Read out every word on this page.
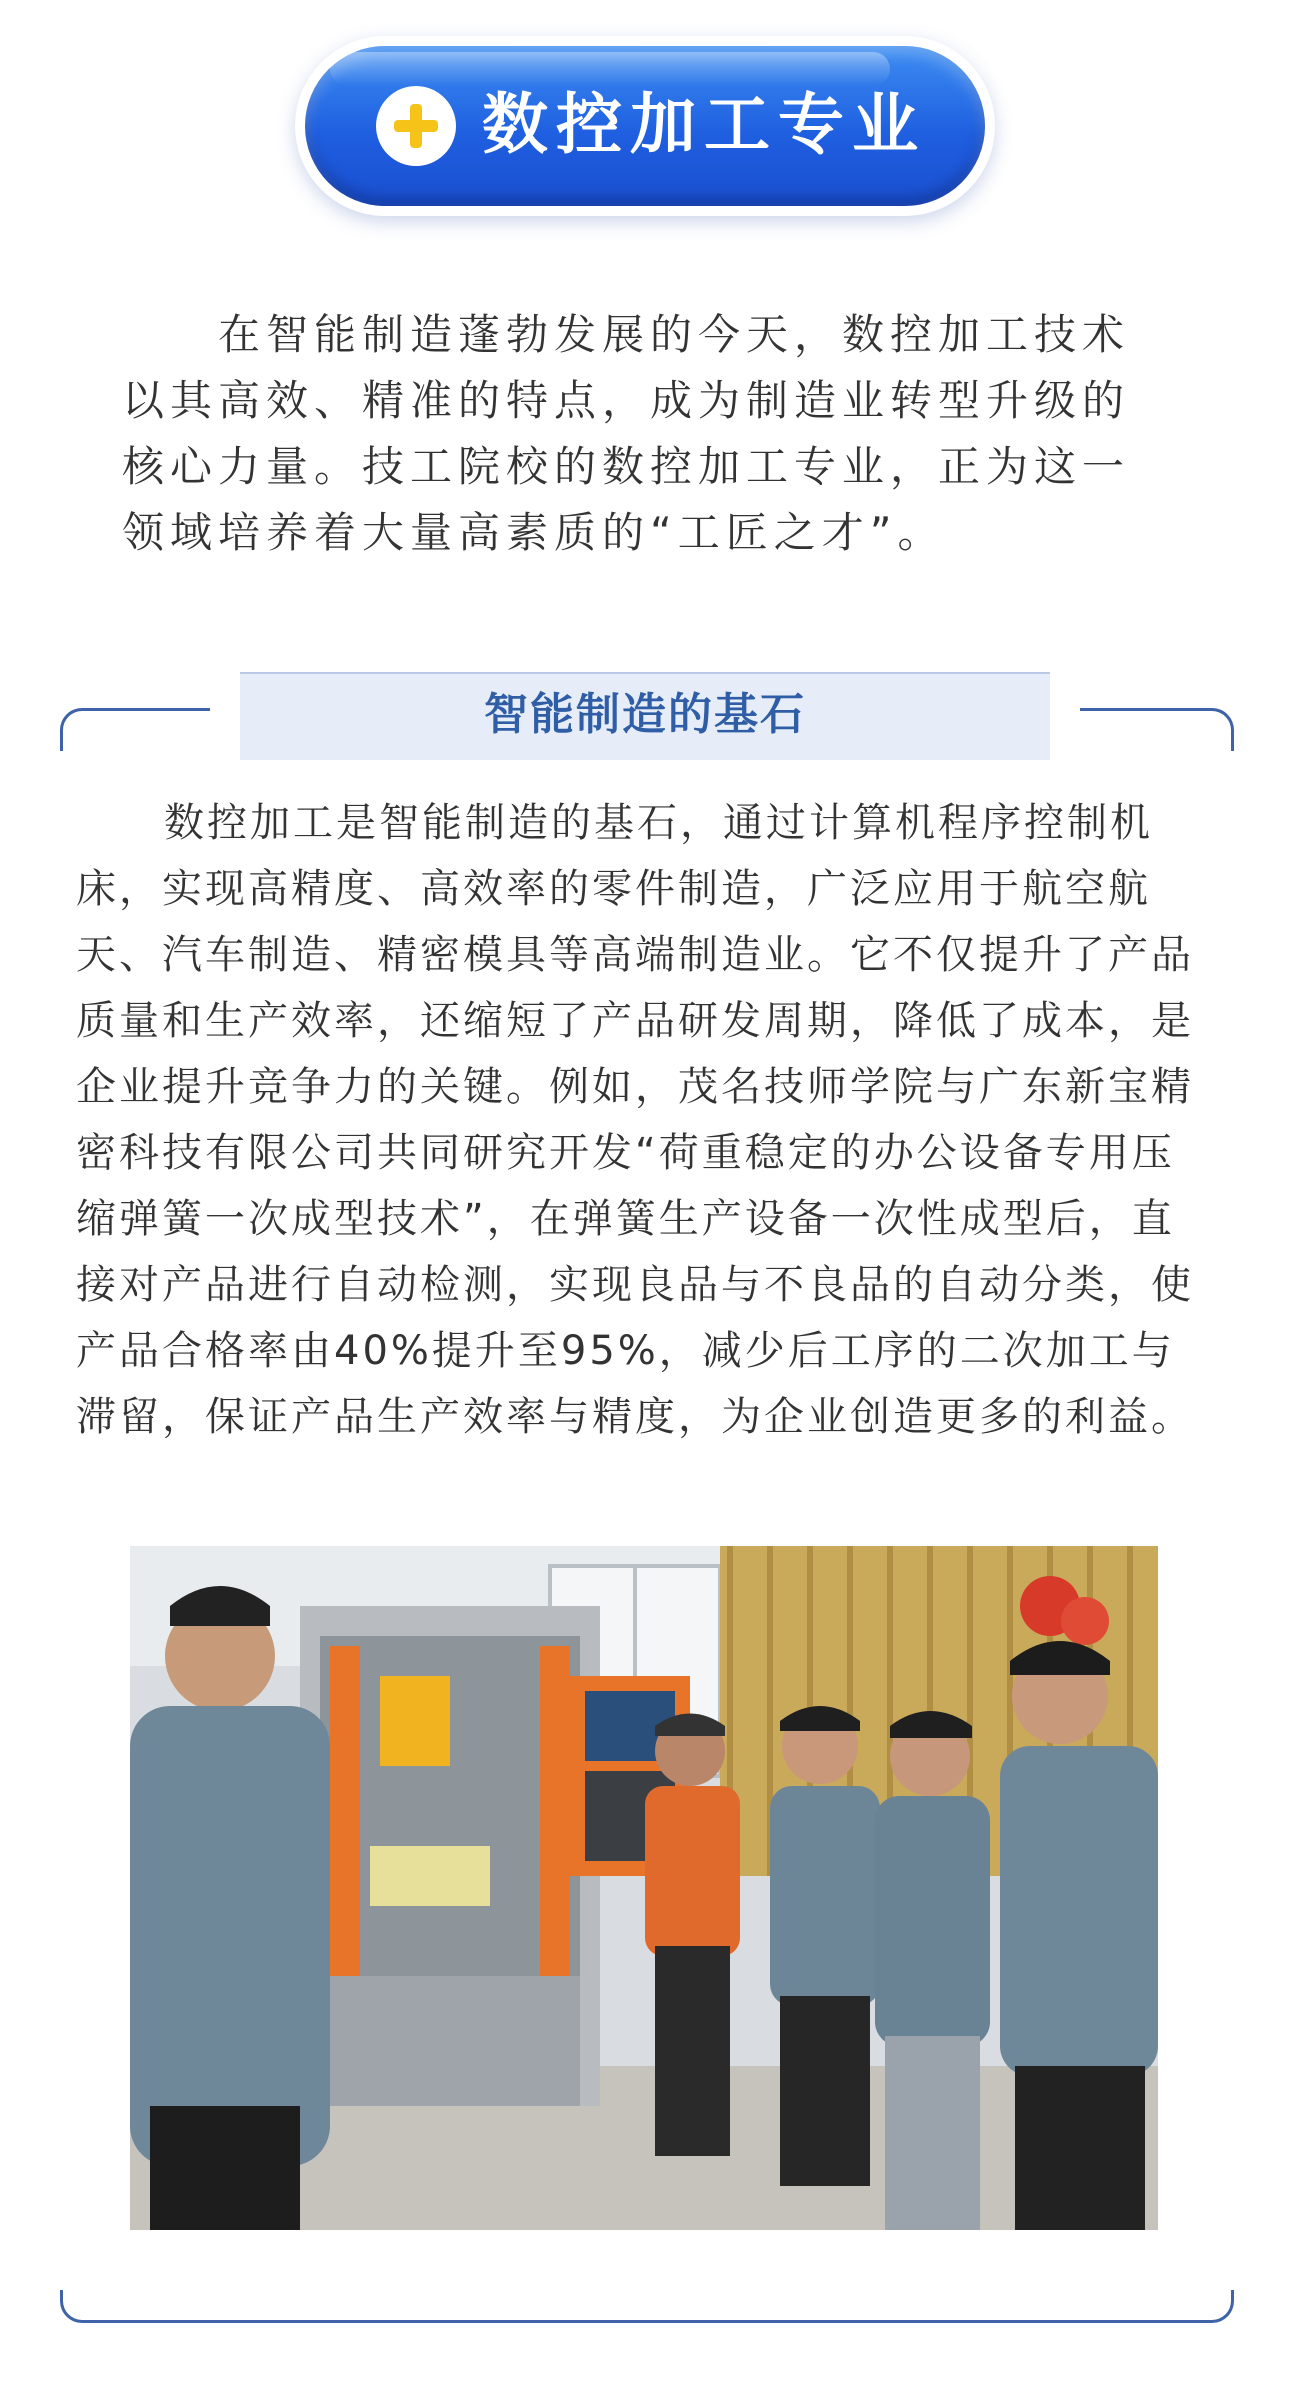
数控加工专业
在智能制造蓬勃发展的今天，数控加工技术以其高效、精准的特点，成为制造业转型升级的核心力量。技工院校的数控加工专业，正为这一领域培养着大量高素质的“工匠之才”。
智能制造的基石
数控加工是智能制造的基石，通过计算机程序控制机床，实现高精度、高效率的零件制造，广泛应用于航空航天、汽车制造、精密模具等高端制造业。它不仅提升了产品质量和生产效率，还缩短了产品研发周期，降低了成本，是企业提升竞争力的关键。例如，茂名技师学院与广东新宝精密科技有限公司共同研究开发“荷重稳定的办公设备专用压缩弹簧一次成型技术”，在弹簧生产设备一次性成型后，直接对产品进行自动检测，实现良品与不良品的自动分类，使产品合格率由40%提升至95%，减少后工序的二次加工与滞留，保证产品生产效率与精度，为企业创造更多的利益。
